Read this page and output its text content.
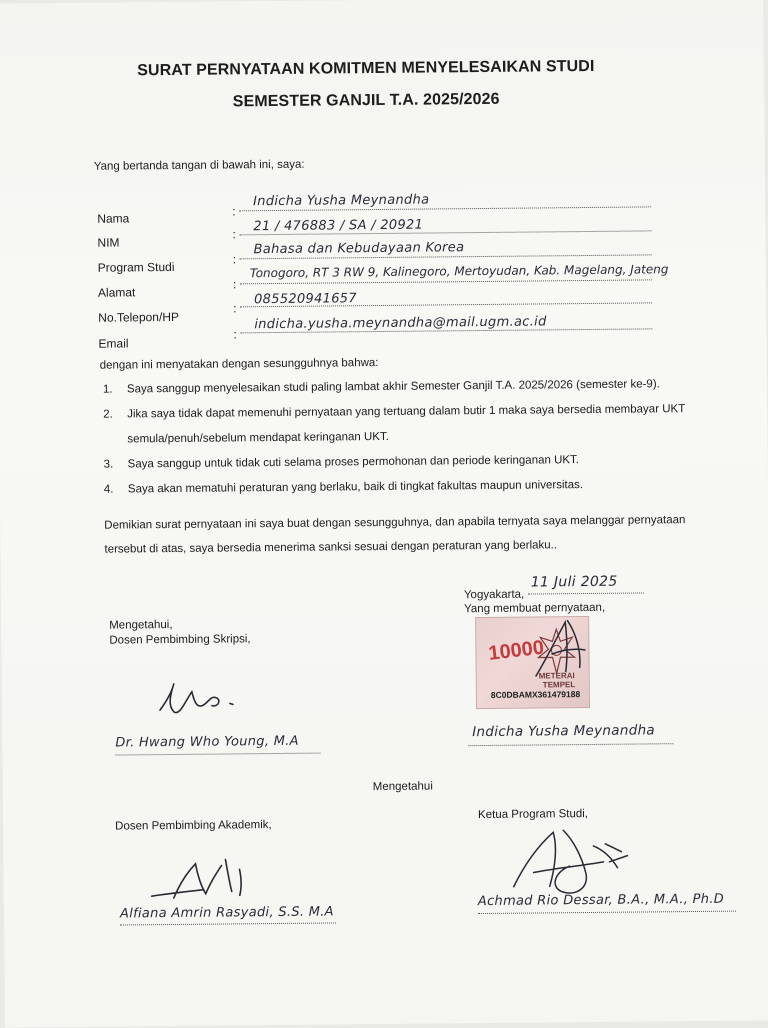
SURAT PERNYATAAN KOMITMEN MENYELESAIKAN STUDI
SEMESTER GANJIL T.A. 2025/2026
Yang bertanda tangan di bawah ini, saya:
Nama
:
Indicha Yusha Meynandha
NIM
:
21 / 476883 / SA / 20921
Program Studi
:
Bahasa dan Kebudayaan Korea
Alamat
:
Tonogoro, RT 3 RW 9, Kalinegoro, Mertoyudan, Kab. Magelang, Jateng
No.Telepon/HP
:
085520941657
Email
:
indicha.yusha.meynandha@mail.ugm.ac.id
dengan ini menyatakan dengan sesungguhnya bahwa:
1. Saya sanggup menyelesaikan studi paling lambat akhir Semester Ganjil T.A. 2025/2026 (semester ke-9).
2. Jika saya tidak dapat memenuhi pernyataan yang tertuang dalam butir 1 maka saya bersedia membayar UKT
semula/penuh/sebelum mendapat keringanan UKT.
3. Saya sanggup untuk tidak cuti selama proses permohonan dan periode keringanan UKT.
4. Saya akan mematuhi peraturan yang berlaku, baik di tingkat fakultas maupun universitas.
Demikian surat pernyataan ini saya buat dengan sesungguhnya, dan apabila ternyata saya melanggar pernyataan
tersebut di atas, saya bersedia menerima sanksi sesuai dengan peraturan yang berlaku..
Yogyakarta,
11 Juli 2025
Yang membuat pernyataan,
Mengetahui,
Dosen Pembimbing Skripsi,
Dr. Hwang Who Young, M.A
10000
METERAI
TEMPEL
8C0DBAMX361479188
Indicha Yusha Meynandha
Mengetahui
Dosen Pembimbing Akademik,
Ketua Program Studi,
Alfiana Amrin Rasyadi, S.S. M.A
Achmad Rio Dessar, B.A., M.A., Ph.D
